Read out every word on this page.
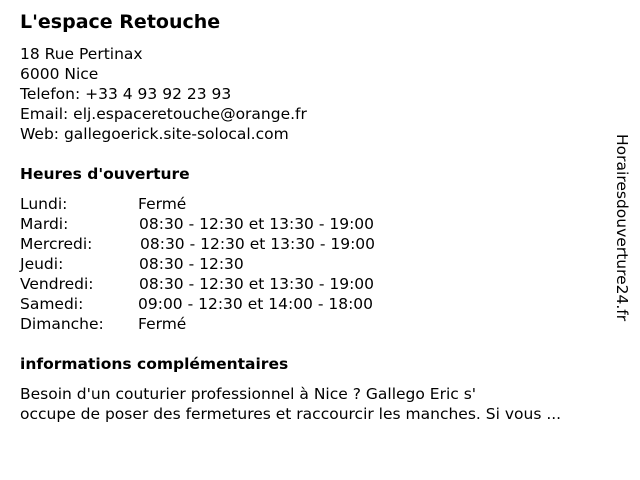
L'espace Retouche
18 Rue Pertinax
6000 Nice
Telefon: +33 4 93 92 23 93
Email: elj.espaceretouche@orange.fr
Web: gallegoerick.site-solocal.com
Heures d'ouverture
Lundi:	Fermé
Mardi:	08:30 - 12:30 et 13:30 - 19:00
Mercredi:	08:30 - 12:30 et 13:30 - 19:00
Jeudi:	08:30 - 12:30
Vendredi:	08:30 - 12:30 et 13:30 - 19:00
Samedi:	09:00 - 12:30 et 14:00 - 18:00
Dimanche: Fermé
informations complémentaires
Besoin d'un couturier professionnel à Nice ? Gallego Eric s'
occupe de poser des fermetures et raccourcir les manches. Si vous ...
Horairesdouverture24.fr
